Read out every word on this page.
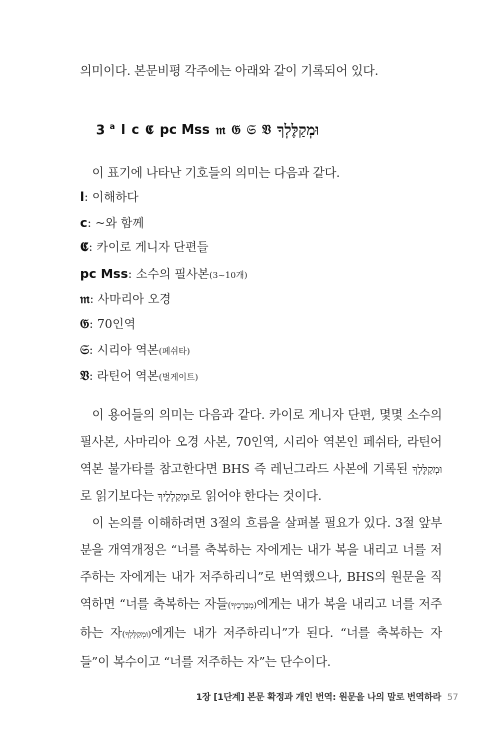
의미이다. 본문비평 각주에는 아래와 같이 기록되어 있다.

3 $^a$ l c 𝕮 pc Mss 𝔪 𝔊 𝔖 𝔙 וּמְקַלֶּלְךָ

이 표기에 나타난 기호들의 의미는 다음과 같다.

l: 이해하다
c: ~와 함께
𝕮: 카이로 게니자 단편들
pc Mss: 소수의 필사본(3~10개)
𝔪: 사마리아 오경
𝔊: 70인역
𝔖: 시리아 역본(페쉬타)
𝔙: 라틴어 역본(벌게이트)

이 용어들의 의미는 다음과 같다. 카이로 게니자 단편, 몇몇 소수의 필사본, 사마리아 오경 사본, 70인역, 시리아 역본인 페쉬타, 라틴어 역본 불가타를 참고한다면 BHS 즉 레닌그라드 사본에 기록된 וּמְקַלֶּלְךָ로 읽기보다는 וּמְקַלְלֶיךָ로 읽어야 한다는 것이다.

이 논의를 이해하려면 3절의 흐름을 살펴볼 필요가 있다. 3절 앞부분을 개역개정은 “너를 축복하는 자에게는 내가 복을 내리고 너를 저주하는 자에게는 내가 저주하리니”로 번역했으나, BHS의 원문을 직역하면 “너를 축복하는 자들(מְבָרְכֶיךָ)에게는 내가 복을 내리고 너를 저주하는 자(וּמְקַלֶּלְךָ)에게는 내가 저주하리니”가 된다. “너를 축복하는 자들”이 복수이고 “너를 저주하는 자”는 단수이다.

1장 [1단계] 본문 확정과 개인 번역: 원문을 나의 말로 번역하라 57
